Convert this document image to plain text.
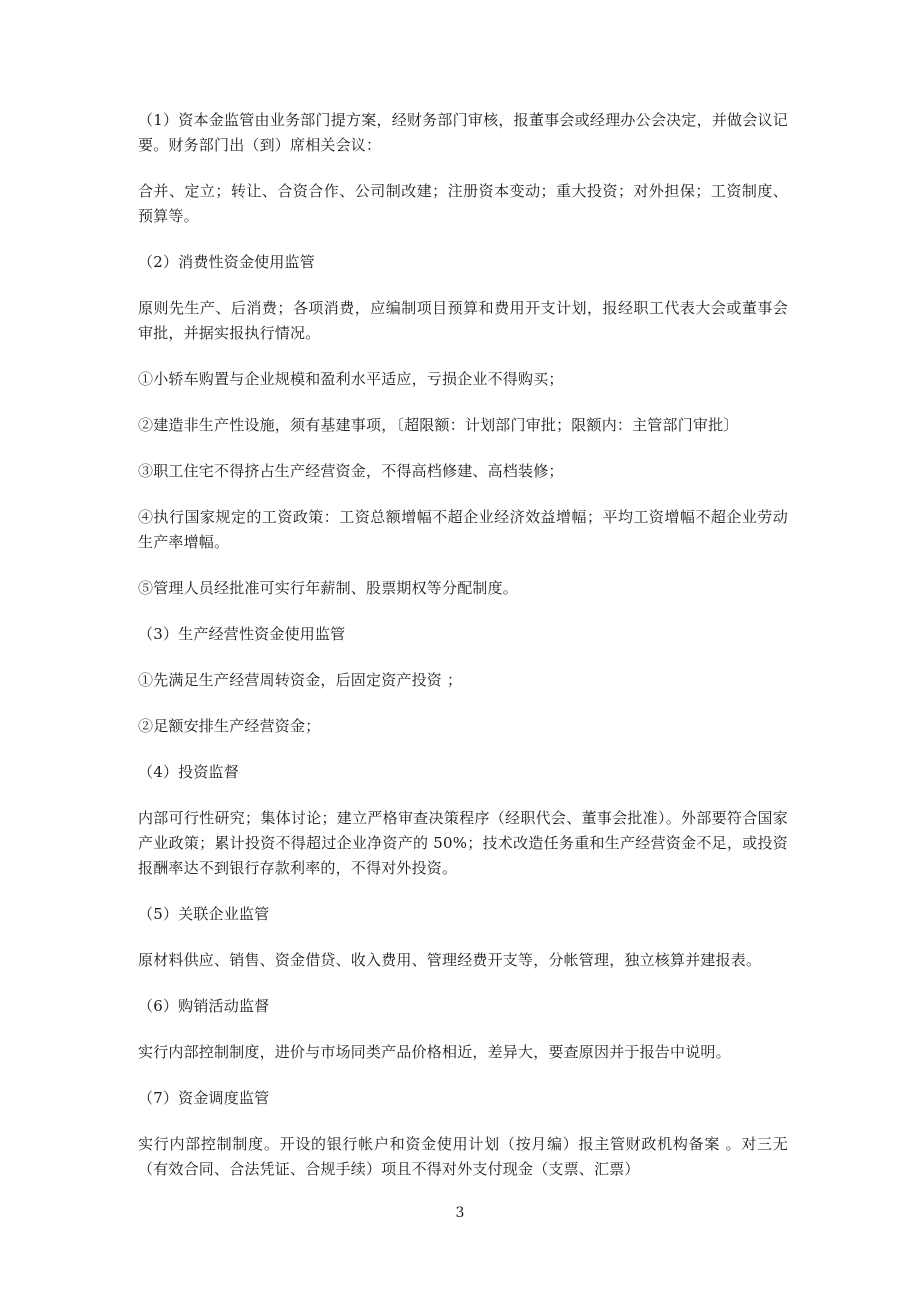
（1）资本金监管由业务部门提方案，经财务部门审核，报董事会或经理办公会决定，并做会议记要。财务部门出（到）席相关会议：

合并、定立；转让、合资合作、公司制改建；注册资本变动；重大投资；对外担保；工资制度、预算等。

（2）消费性资金使用监管

原则先生产、后消费；各项消费，应编制项目预算和费用开支计划，报经职工代表大会或董事会审批，并据实报执行情况。

①小轿车购置与企业规模和盈利水平适应，亏损企业不得购买；

②建造非生产性设施，须有基建事项，〔超限额：计划部门审批；限额内：主管部门审批〕

③职工住宅不得挤占生产经营资金，不得高档修建、高档装修；

④执行国家规定的工资政策：工资总额增幅不超企业经济效益增幅；平均工资增幅不超企业劳动生产率增幅。

⑤管理人员经批准可实行年薪制、股票期权等分配制度。

（3）生产经营性资金使用监管

①先满足生产经营周转资金，后固定资产投资 ；

②足额安排生产经营资金；

（4）投资监督

内部可行性研究；集体讨论；建立严格审查决策程序（经职代会、董事会批准）。外部要符合国家产业政策；累计投资不得超过企业净资产的 50%；技术改造任务重和生产经营资金不足，或投资报酬率达不到银行存款利率的，不得对外投资。

（5）关联企业监管

原材料供应、销售、资金借贷、收入费用、管理经费开支等，分帐管理，独立核算并建报表。

（6）购销活动监督

实行内部控制制度，进价与市场同类产品价格相近，差异大，要查原因并于报告中说明。

（7）资金调度监管

实行内部控制制度。开设的银行帐户和资金使用计划（按月编）报主管财政机构备案 。对三无（有效合同、合法凭证、合规手续）项且不得对外支付现金（支票、汇票）

3
